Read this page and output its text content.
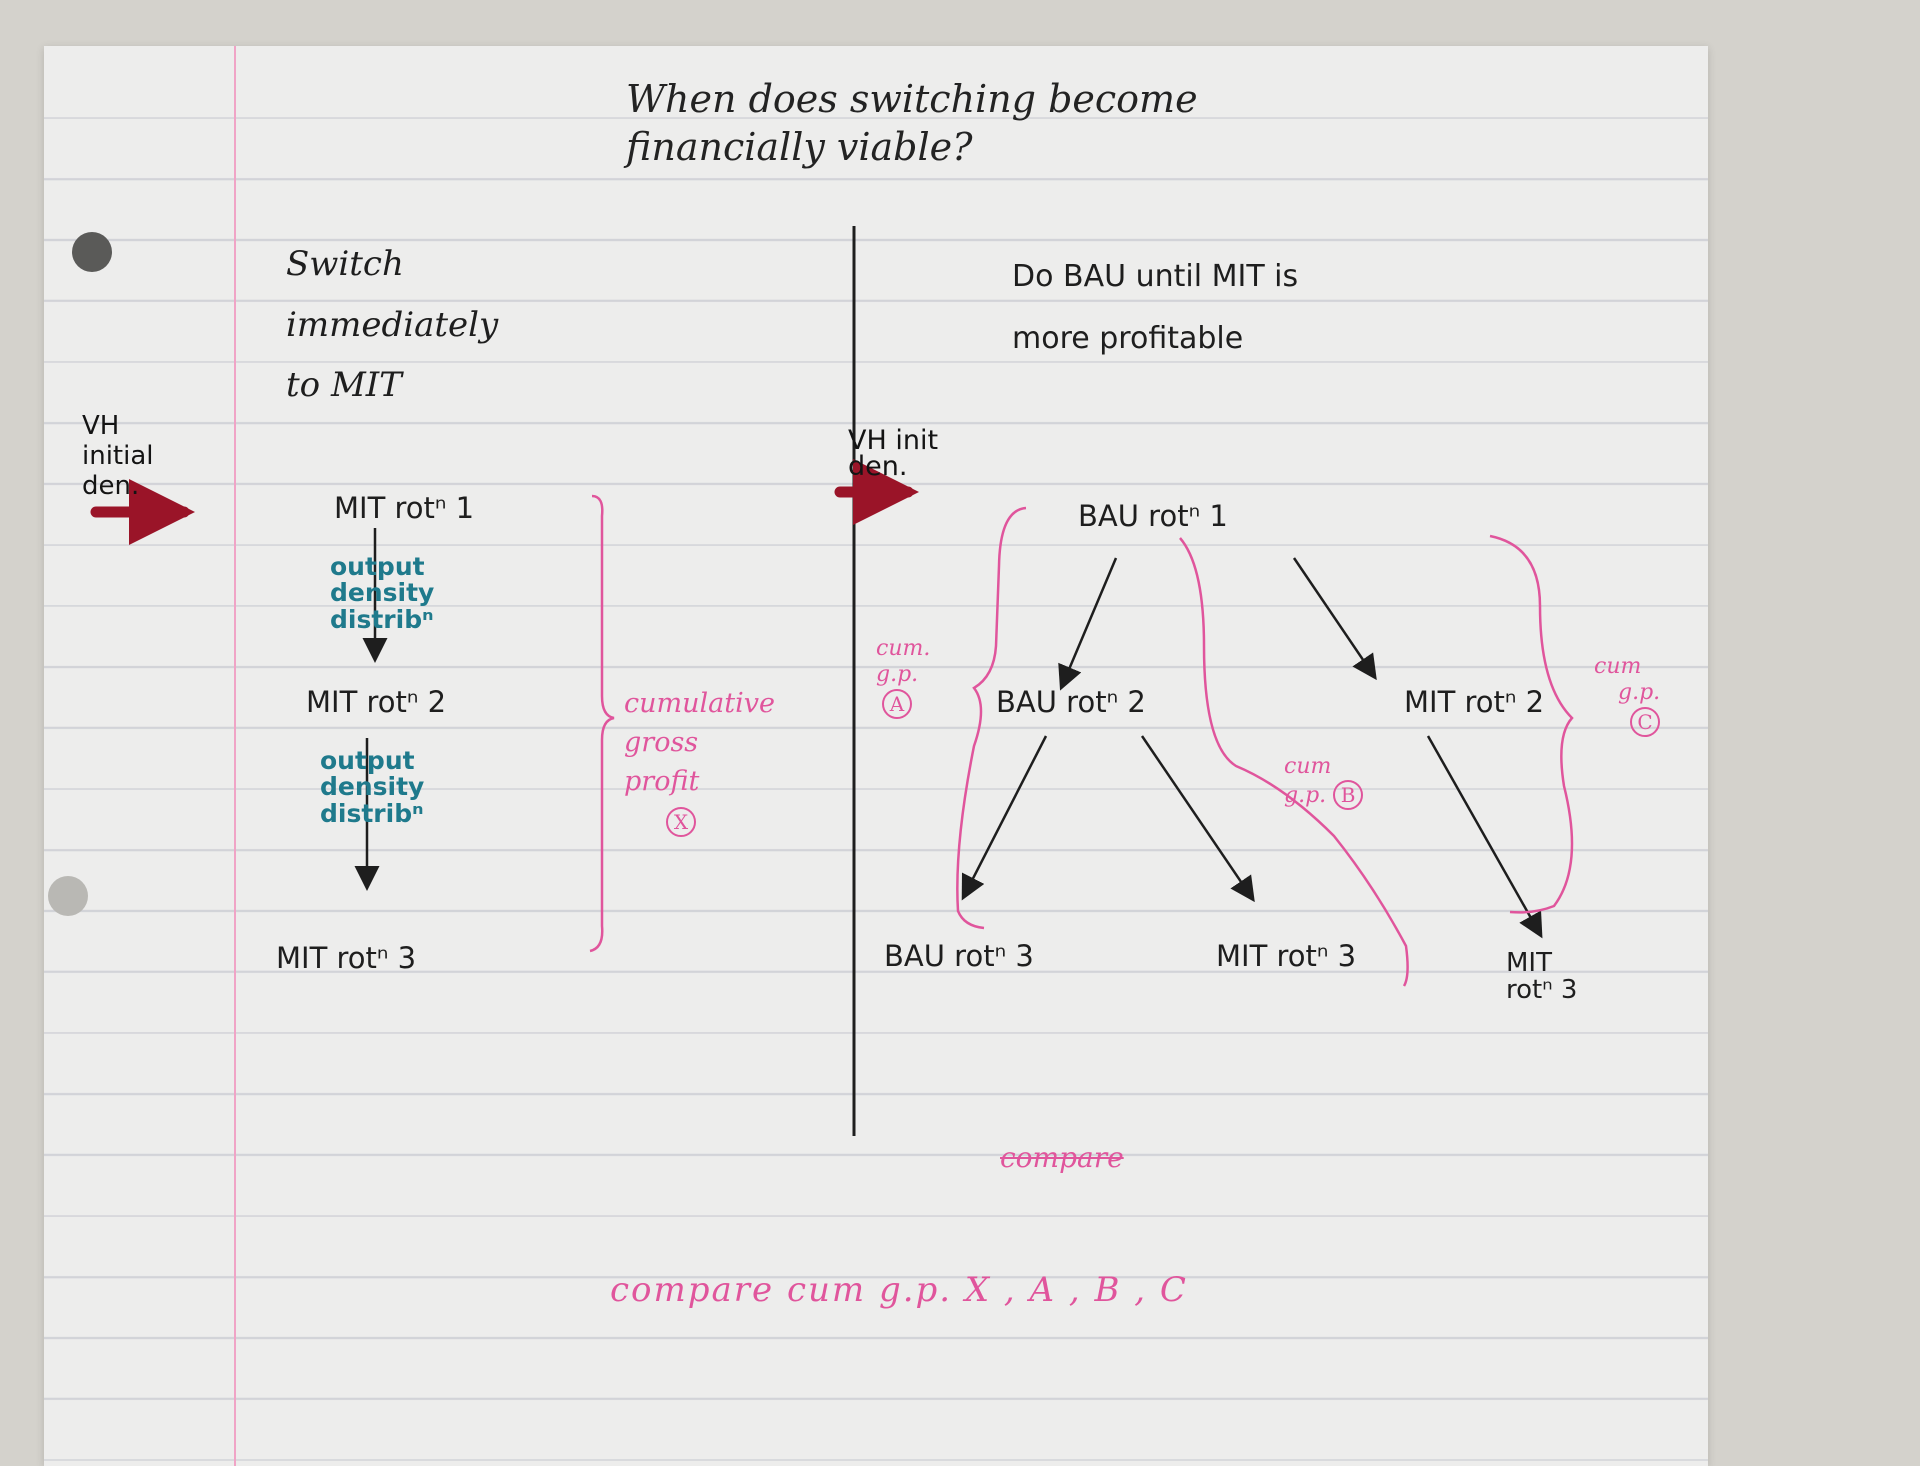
When does switching become
financially viable?
Switch
immediately
to MIT
VH
initial
den.
MIT rotⁿ 1
MIT rotⁿ 2
MIT rotⁿ 3
output
density
distribⁿ
output
density
distribⁿ
cumulative
gross
profit
X
Do BAU until MIT is
more profitable
VH init
den.
BAU rotⁿ 1
BAU rotⁿ 2	MIT rotⁿ 2
BAU rotⁿ 3	MIT rotⁿ 3	MIT
rotⁿ 3
cum.
g.p.
A
cum
g.p. B
cum
g.p.
C
compare
compare cum g.p. X , A , B , C
